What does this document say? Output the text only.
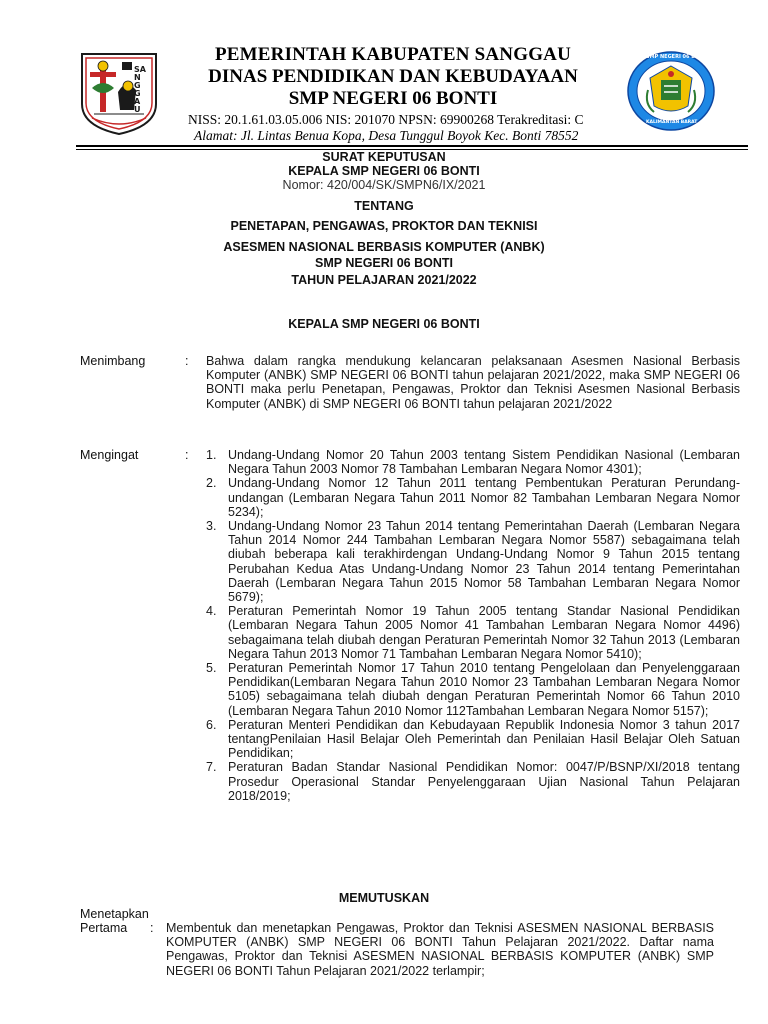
SANGGAU
PEMERINTAH KABUPATEN SANGGAU
DINAS PENDIDIKAN DAN KEBUDAYAAN
SMP NEGERI 06 BONTI
NISS: 20.1.61.03.05.006 NIS: 201070 NPSN: 69900268 Terakreditasi: C
Alamat: Jl. Lintas Benua Kopa, Desa Tunggul Boyok Kec. Bonti 78552
SMP NEGERI 06 BONTI
KALIMANTAN BARAT
SURAT KEPUTUSAN
KEPALA SMP NEGERI 06 BONTI
Nomor: 420/004/SK/SMPN6/IX/2021
TENTANG
PENETAPAN, PENGAWAS, PROKTOR DAN TEKNISI
ASESMEN NASIONAL BERBASIS KOMPUTER (ANBK)
SMP NEGERI 06 BONTI
TAHUN PELAJARAN 2021/2022
KEPALA SMP NEGERI 06 BONTI
Menimbang	: Bahwa dalam rangka mendukung kelancaran pelaksanaan Asesmen Nasional Berbasis Komputer (ANBK) SMP NEGERI 06 BONTI tahun pelajaran 2021/2022, maka SMP NEGERI 06 BONTI maka perlu Penetapan, Pengawas, Proktor dan Teknisi Asesmen Nasional Berbasis Komputer (ANBK) di SMP NEGERI 06 BONTI tahun pelajaran 2021/2022
Mengingat	: 1. Undang-Undang Nomor 20 Tahun 2003 tentang Sistem Pendidikan Nasional (Lembaran Negara Tahun 2003 Nomor 78 Tambahan Lembaran Negara Nomor 4301);
2. Undang-Undang Nomor 12 Tahun 2011 tentang Pembentukan Peraturan Perundang-undangan (Lembaran Negara Tahun 2011 Nomor 82 Tambahan Lembaran Negara Nomor 5234);
3. Undang-Undang Nomor 23 Tahun 2014 tentang Pemerintahan Daerah (Lembaran Negara Tahun 2014 Nomor 244 Tambahan Lembaran Negara Nomor 5587) sebagaimana telah diubah beberapa kali terakhirdengan Undang-Undang Nomor 9 Tahun 2015 tentang Perubahan Kedua Atas Undang-Undang Nomor 23 Tahun 2014 tentang Pemerintahan Daerah (Lembaran Negara Tahun 2015 Nomor 58 Tambahan Lembaran Negara Nomor 5679);
4. Peraturan Pemerintah Nomor 19 Tahun 2005 tentang Standar Nasional Pendidikan (Lembaran Negara Tahun 2005 Nomor 41 Tambahan Lembaran Negara Nomor 4496) sebagaimana telah diubah dengan Peraturan Pemerintah Nomor 32 Tahun 2013 (Lembaran Negara Tahun 2013 Nomor 71 Tambahan Lembaran Negara Nomor 5410);
5. Peraturan Pemerintah Nomor 17 Tahun 2010 tentang Pengelolaan dan Penyelenggaraan Pendidikan(Lembaran Negara Tahun 2010 Nomor 23 Tambahan Lembaran Negara Nomor 5105) sebagaimana telah diubah dengan Peraturan Pemerintah Nomor 66 Tahun 2010 (Lembaran Negara Tahun 2010 Nomor 112Tambahan Lembaran Negara Nomor 5157);
6. Peraturan Menteri Pendidikan dan Kebudayaan Republik Indonesia Nomor 3 tahun 2017 tentangPenilaian Hasil Belajar Oleh Pemerintah dan Penilaian Hasil Belajar Oleh Satuan Pendidikan;
7. Peraturan Badan Standar Nasional Pendidikan Nomor: 0047/P/BSNP/XI/2018 tentang Prosedur Operasional Standar Penyelenggaraan Ujian Nasional Tahun Pelajaran 2018/2019;
MEMUTUSKAN
Menetapkan
Pertama : Membentuk dan menetapkan Pengawas, Proktor dan Teknisi ASESMEN NASIONAL BERBASIS KOMPUTER (ANBK) SMP NEGERI 06 BONTI Tahun Pelajaran 2021/2022. Daftar nama Pengawas, Proktor dan Teknisi ASESMEN NASIONAL BERBASIS KOMPUTER (ANBK) SMP NEGERI 06 BONTI Tahun Pelajaran 2021/2022 terlampir;
